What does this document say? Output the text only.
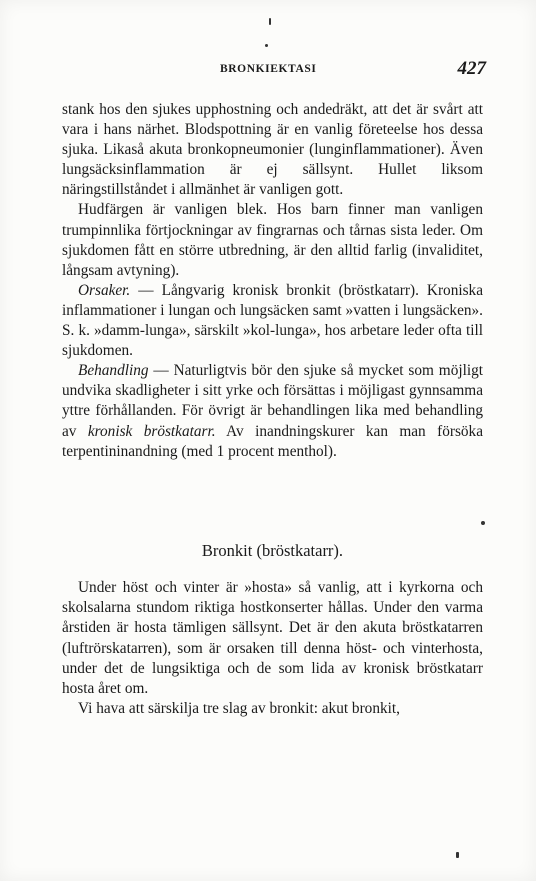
BRONKIEKTASI	427

stank hos den sjukes upphostning och andedräkt, att det är svårt att vara i hans närhet. Blodspottning är en vanlig företeelse hos dessa sjuka. Likaså akuta bronkopneumonier (lunginflammationer). Även lungsäcksinflammation är ej sällsynt. Hullet liksom näringstillståndet i allmänhet är vanligen gott.

Hudfärgen är vanligen blek. Hos barn finner man vanligen trumpinnlika förtjockningar av fingrarnas och tårnas sista leder. Om sjukdomen fått en större utbredning, är den alltid farlig (invaliditet, långsam avtyning).

Orsaker. — Långvarig kronisk bronkit (bröstkatarr). Kroniska inflammationer i lungan och lungsäcken samt »vatten i lungsäcken». S. k. »damm-lunga», särskilt »kol-lunga», hos arbetare leder ofta till sjukdomen.

Behandling — Naturligtvis bör den sjuke så mycket som möjligt undvika skadligheter i sitt yrke och försättas i möjligast gynnsamma yttre förhållanden. För övrigt är behandlingen lika med behandling av kronisk bröstkatarr. Av inandningskurer kan man försöka terpentininandning (med 1 procent menthol).

Bronkit (bröstkatarr).

Under höst och vinter är »hosta» så vanlig, att i kyrkorna och skolsalarna stundom riktiga hostkonserter hållas. Under den varma årstiden är hosta tämligen sällsynt. Det är den akuta bröstkatarren (luftrörskatarren), som är orsaken till denna höst- och vinterhosta, under det de lungsiktiga och de som lida av kronisk bröstkatarr hosta året om.

Vi hava att särskilja tre slag av bronkit: akut bronkit,
